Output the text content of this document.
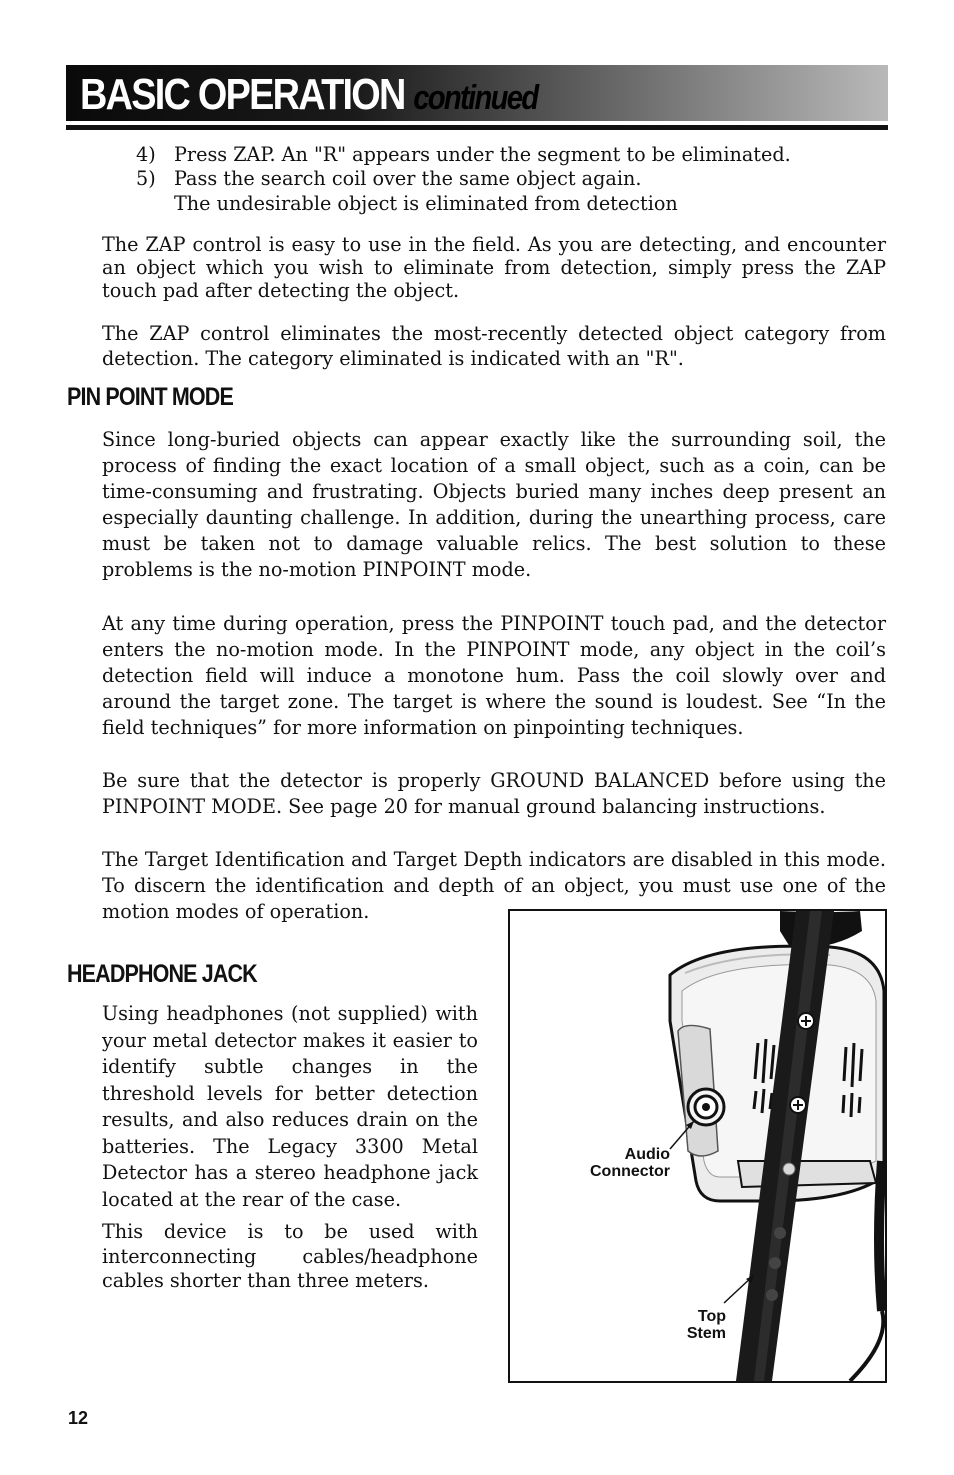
BASIC OPERATION continued
4) Press ZAP. An "R" appears under the segment to be eliminated.
5) Pass the search coil over the same object again.
The undesirable object is eliminated from detection
The ZAP control is easy to use in the field. As you are detecting, and encounter an object which you wish to eliminate from detection, simply press the ZAP touch pad after detecting the object.
The ZAP control eliminates the most-recently detected object category from detection. The category eliminated is indicated with an "R".
PIN POINT MODE
Since long-buried objects can appear exactly like the surrounding soil, the process of finding the exact location of a small object, such as a coin, can be time-consuming and frustrating. Objects buried many inches deep present an especially daunting challenge. In addition, during the unearthing process, care must be taken not to damage valuable relics. The best solution to these problems is the no-motion PINPOINT mode.
At any time during operation, press the PINPOINT touch pad, and the detector enters the no-motion mode. In the PINPOINT mode, any object in the coil’s detection field will induce a monotone hum. Pass the coil slowly over and around the target zone. The target is where the sound is loudest. See “In the field techniques” for more information on pinpointing techniques.
Be sure that the detector is properly GROUND BALANCED before using the PINPOINT MODE. See page 20 for manual ground balancing instructions.
The Target Identification and Target Depth indicators are disabled in this mode. To discern the identification and depth of an object, you must use one of the motion modes of operation.
HEADPHONE JACK
Using headphones (not supplied) with your metal detector makes it easier to identify subtle changes in the threshold levels for better detection results, and also reduces drain on the batteries. The Legacy 3300 Metal Detector has a stereo headphone jack located at the rear of the case.
This device is to be used with interconnecting cables/headphone cables shorter than three meters.
Audio
Connector
Top
Stem
12
